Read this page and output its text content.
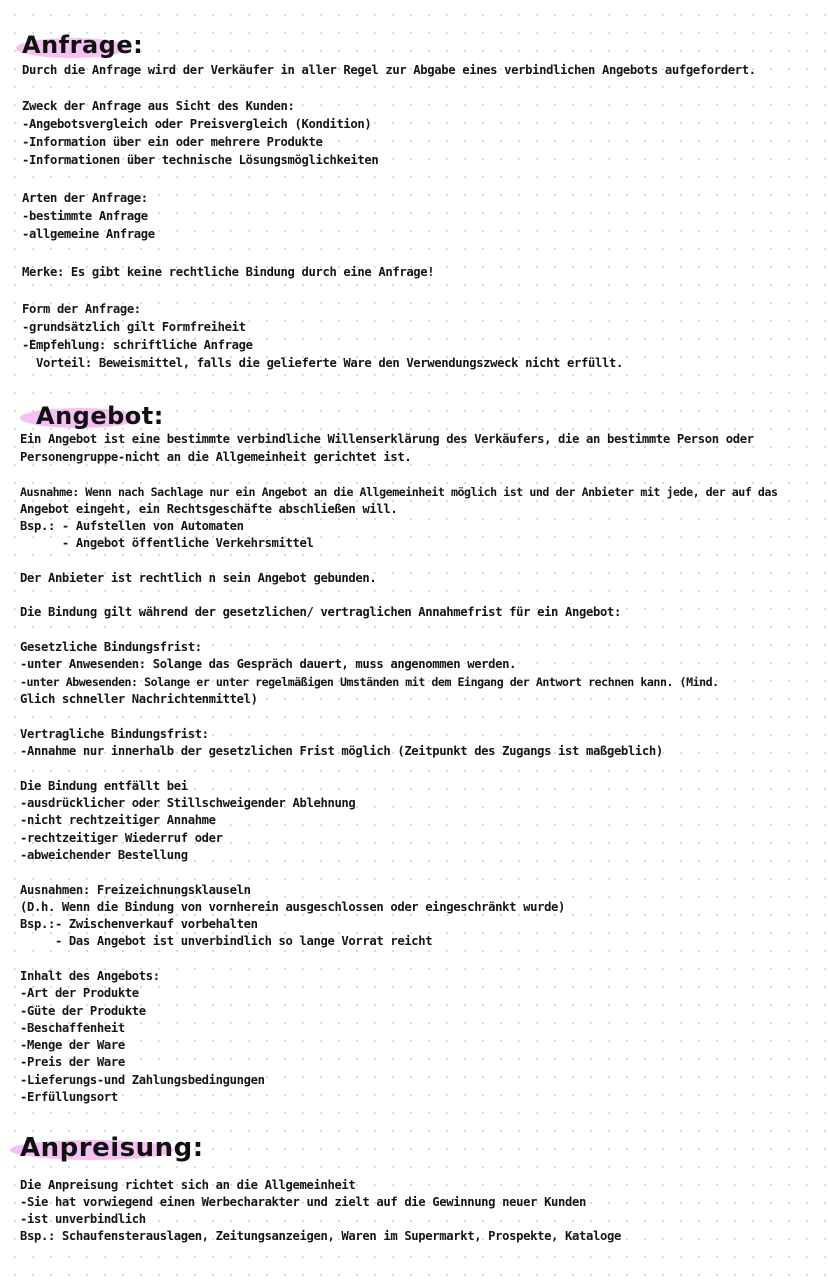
Anfrage:
Durch die Anfrage wird der Verkäufer in aller Regel zur Abgabe eines verbindlichen Angebots aufgefordert.
Zweck der Anfrage aus Sicht des Kunden:
-Angebotsvergleich oder Preisvergleich (Kondition)
-Information über ein oder mehrere Produkte
-Informationen über technische Lösungsmöglichkeiten
Arten der Anfrage:
-bestimmte Anfrage
-allgemeine Anfrage
Merke: Es gibt keine rechtliche Bindung durch eine Anfrage!
Form der Anfrage:
-grundsätzlich gilt Formfreiheit
-Empfehlung: schriftliche Anfrage
Vorteil: Beweismittel, falls die gelieferte Ware den Verwendungszweck nicht erfüllt.
Angebot:
Ein Angebot ist eine bestimmte verbindliche Willenserklärung des Verkäufers, die an bestimmte Person oder
Personengruppe-nicht an die Allgemeinheit gerichtet ist.
Ausnahme: Wenn nach Sachlage nur ein Angebot an die Allgemeinheit möglich ist und der Anbieter mit jede, der auf das
Angebot eingeht, ein Rechtsgeschäfte abschließen will.
Bsp.: - Aufstellen von Automaten
- Angebot öffentliche Verkehrsmittel
Der Anbieter ist rechtlich n sein Angebot gebunden.
Die Bindung gilt während der gesetzlichen/ vertraglichen Annahmefrist für ein Angebot:
Gesetzliche Bindungsfrist:
-unter Anwesenden: Solange das Gespräch dauert, muss angenommen werden.
-unter Abwesenden: Solange er unter regelmäßigen Umständen mit dem Eingang der Antwort rechnen kann. (Mind.
Glich schneller Nachrichtenmittel)
Vertragliche Bindungsfrist:
-Annahme nur innerhalb der gesetzlichen Frist möglich (Zeitpunkt des Zugangs ist maßgeblich)
Die Bindung entfällt bei
-ausdrücklicher oder Stillschweigender Ablehnung
-nicht rechtzeitiger Annahme
-rechtzeitiger Wiederruf oder
-abweichender Bestellung
Ausnahmen: Freizeichnungsklauseln
(D.h. Wenn die Bindung von vornherein ausgeschlossen oder eingeschränkt wurde)
Bsp.:- Zwischenverkauf vorbehalten
- Das Angebot ist unverbindlich so lange Vorrat reicht
Inhalt des Angebots:
-Art der Produkte
-Güte der Produkte
-Beschaffenheit
-Menge der Ware
-Preis der Ware
-Lieferungs-und Zahlungsbedingungen
-Erfüllungsort
Anpreisung:
Die Anpreisung richtet sich an die Allgemeinheit
-Sie hat vorwiegend einen Werbecharakter und zielt auf die Gewinnung neuer Kunden
-ist unverbindlich
Bsp.: Schaufensterauslagen, Zeitungsanzeigen, Waren im Supermarkt, Prospekte, Kataloge
